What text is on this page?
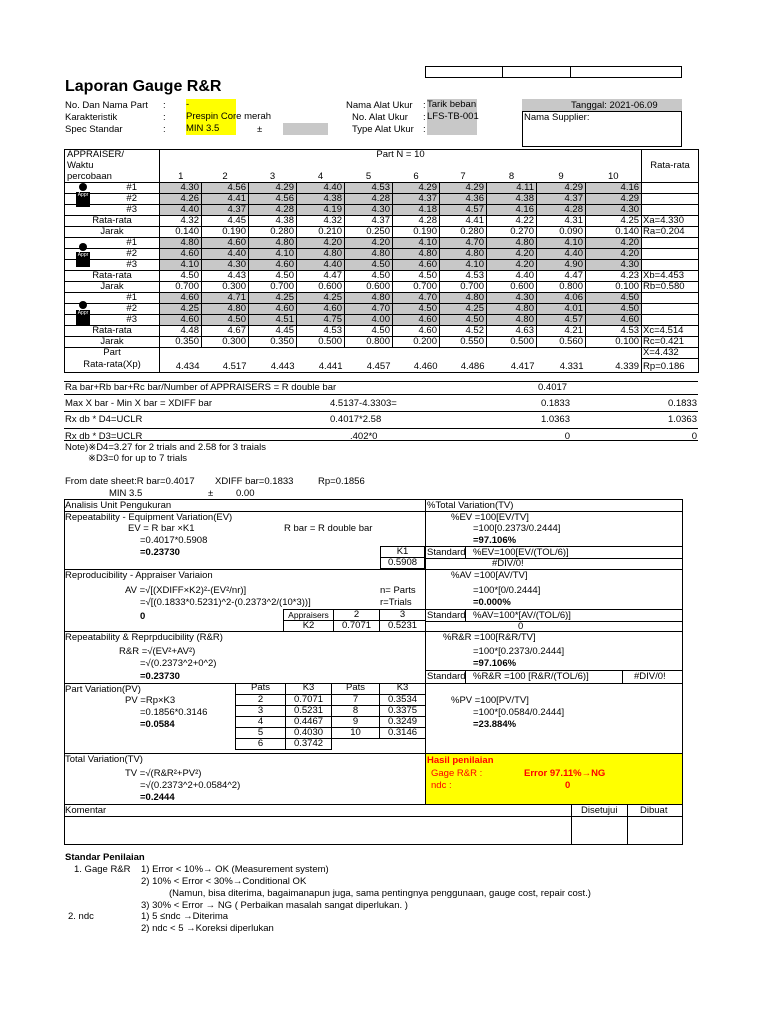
Laporan Gauge R&R
No. Dan Nama Part : -
Karakteristik	: Prespin Core merah
Spec Standar	: MIN 3.5	±
Nama Alat Ukur : Tarik beban
No. Alat Ukur : LFS-TB-001
Type Alat Ukur :
Tanggal: 2021-06.09
Nama Supplier:
APPRAISER/	Part N = 10										Rata-rata
Waktu											
percobaan	1	2	3	4	5	6	7	8	9	10	
#1	4.30	4.56	4.29	4.40	4.53	4.29	4.29	4.11	4.29	4.16	
#2	4.26	4.41	4.56	4.38	4.28	4.37	4.36	4.38	4.37	4.29	
#3	4.40	4.37	4.28	4.19	4.30	4.18	4.57	4.16	4.28	4.30	
Rata-rata	4.32	4.45	4.38	4.32	4.37	4.28	4.41	4.22	4.31	4.25	X̄a=4.330
Jarak	0.140	0.190	0.280	0.210	0.250	0.190	0.280	0.270	0.090	0.140	Ra=0.204
#1	4.80	4.60	4.80	4.20	4.20	4.10	4.70	4.80	4.10	4.20	
#2	4.60	4.40	4.10	4.80	4.80	4.80	4.80	4.20	4.40	4.20	
#3	4.10	4.30	4.60	4.40	4.50	4.60	4.10	4.20	4.90	4.30	
Rata-rata	4.50	4.43	4.50	4.47	4.50	4.50	4.53	4.40	4.47	4.23	X̄b=4.453
Jarak	0.700	0.300	0.700	0.600	0.600	0.700	0.700	0.600	0.800	0.100	Rb=0.580
#1	4.60	4.71	4.25	4.25	4.80	4.70	4.80	4.30	4.06	4.50	
#2	4.25	4.80	4.60	4.60	4.70	4.50	4.25	4.80	4.01	4.50	
#3	4.60	4.50	4.51	4.75	4.00	4.60	4.50	4.80	4.57	4.60	
Rata-rata	4.48	4.67	4.45	4.53	4.50	4.60	4.52	4.63	4.21	4.53	X̄c=4.514
Jarak	0.350	0.300	0.350	0.500	0.800	0.200	0.550	0.500	0.560	0.100	Rc=0.421
Part											X̄=4.432
Rata-rata(Xp)	4.434	4.517	4.443	4.441	4.457	4.460	4.486	4.417	4.331	4.339	Rp=0.186
Appr
Appr
Appr
Ra bar+Rb bar+Rc bar/Number of APPRAISERS = R double bar	0.4017
Max X bar - Min X bar = XDIFF bar	4.5137-4.3303=	0.1833	0.1833
Rx db * D4=UCLR	0.4017*2.58	1.0363	1.0363
Rx db * D3=UCLR	.402*0	0	0
Note)※D4=3.27 for 2 trials and 2.58 for 3 traials
※D3=0 for up to 7 trials
From date sheet:R bar=0.4017 XDIFF bar=0.1833	Rp=0.1856
MIN 3.5	± 0.00
Analisis Unit Pengukuran	%Total Variation(TV)
Repeatability - Equipment Variation(EV)
EV = R bar ×K1	R bar = R double bar
=0.4017*0.5908
=0.23730	K1
0.5908
%EV =100[EV/TV]
=100[0.2373/0.2444]
=97.106%
Standard %EV=100[EV/(TOL/6)]
#DIV/0!
Reproducibility - Appraiser Variaion
AV =√[(XDIFF×K2)²-(EV²/nr)]
=√[(0.1833*0.5231)^2-(0.2373^2/(10*3))]
0
n= Parts
r=Trials
Appraisers	2	3
K2	0.7071	0.5231
%AV =100[AV/TV]
=100*[0/0.2444]
=0.000%
Standard %AV=100*[AV/(TOL/6)]
0
Repeatability & Reprpducibility (R&R)
R&R =√(EV²+AV²)
=√(0.2373^2+0^2)
=0.23730
%R&R =100[R&R/TV]
=100*[0.2373/0.2444]
=97.106%
Standard %R&R =100 [R&R/(TOL/6)]	#DIV/0!
Part Variation(PV)
PV =Rp×K3
=0.1856*0.3146
=0.0584
Pats	K3	Pats	K3
2	0.7071	7	0.3534
3	0.5231	8	0.3375
4	0.4467	9	0.3249
5	0.4030	10	0.3146
6	0.3742		
%PV =100[PV/TV]
=100*[0.0584/0.2444]
=23.884%
Total Variation(TV)
TV =√(R&R²+PV²)
=√(0.2373^2+0.0584^2)
=0.2444
Hasil penilaian
Gage R&R :	Error 97.11%→NG
ndc :	0
Komentar	Disetujui Dibuat
Standar Penilaian
1. Gage R&R 1) Error < 10%→ OK (Measurement system)
2) 10% < Error < 30%→Conditional OK
(Namun, bisa diterima, bagaimanapun juga, sama pentingnya penggunaan, gauge cost, repair cost.)
3) 30% < Error → NG ( Perbaikan masalah sangat diperlukan. )
2. ndc	1) 5 ≤ndc →Diterima
2) ndc < 5 →Koreksi diperlukan
